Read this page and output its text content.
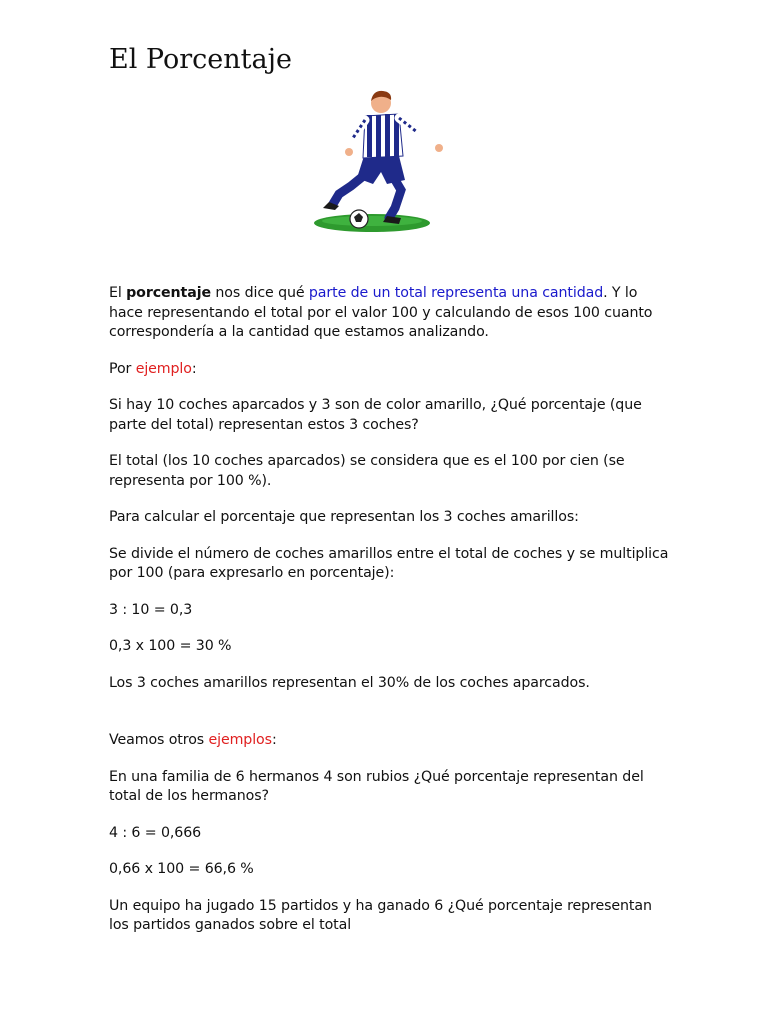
El Porcentaje

El porcentaje nos dice qué parte de un total representa una cantidad. Y lo hace representando el total por el valor 100 y calculando de esos 100 cuanto correspondería a la cantidad que estamos analizando.

Por ejemplo:

Si hay 10 coches aparcados y 3 son de color amarillo, ¿Qué porcentaje (que parte del total) representan estos 3 coches?

El total (los 10 coches aparcados) se considera que es el 100 por cien (se representa por 100 %).

Para calcular el porcentaje que representan los 3 coches amarillos:

Se divide el número de coches amarillos entre el total de coches y se multiplica por 100 (para expresarlo en porcentaje):

3 : 10 = 0,3

0,3 x 100 = 30 %

Los 3 coches amarillos representan el 30% de los coches aparcados.

Veamos otros ejemplos:

En una familia de 6 hermanos 4 son rubios ¿Qué porcentaje representan del total de los hermanos?

4 : 6 = 0,666

0,66 x 100 = 66,6 %

Un equipo ha jugado 15 partidos y ha ganado 6 ¿Qué porcentaje representan los partidos ganados sobre el total
